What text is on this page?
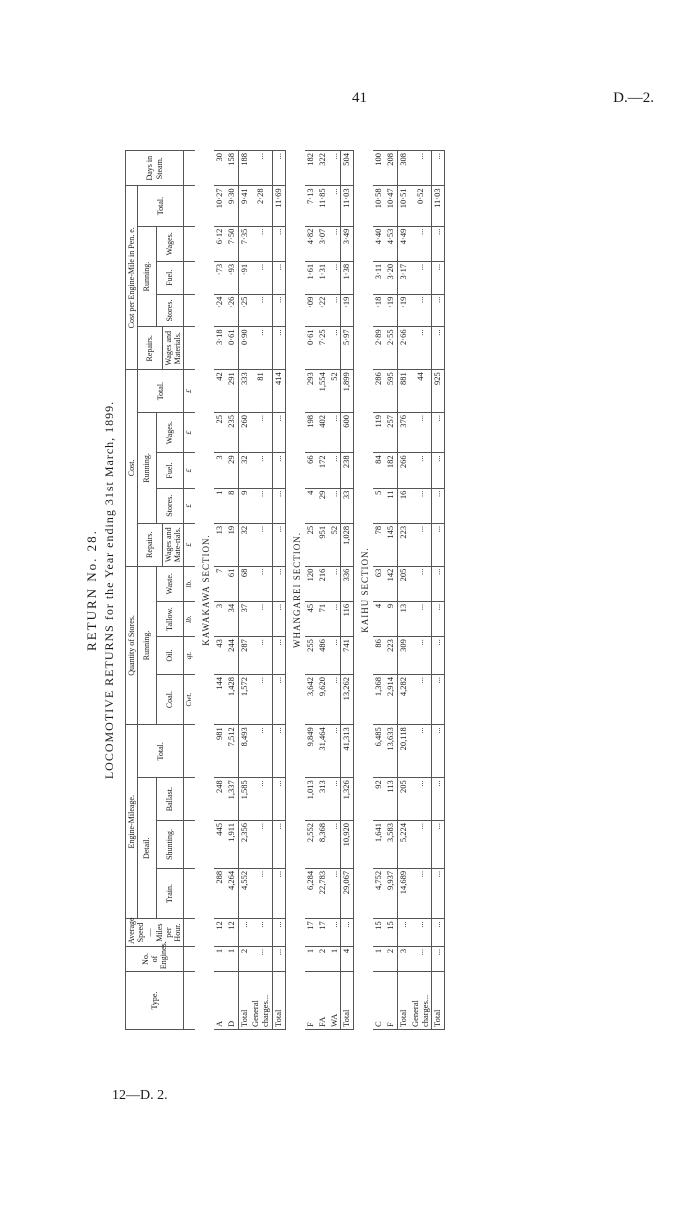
41	D.—2.
RETURN No. 28. LOCOMOTIVE RETURNS for the Year ending 31st March, 1899.
Type.	No. of Engines.	Average Speed — Miles per Hour.	Engine-Mileage.				Quantity of Stores.				Cost.					Cost per Engine-Mile in Pen. e.					Days in Steam.
			Detail.			Total.	Running.				Repairs.	Running.			Total.	Repairs.	Running.			Total.	
			Train.	Shunting.	Ballast.		Coal.	Oil.	Tallow.	Waste.		Stores.	Fuel.	Wages.			Stores.	Fuel.	Wages.		
											Wages and Mate-rials.					Wages and Materials.					
							Cwt.	qt.	lb.	lb.	£	£	£	£	£						
KAWAKAWA SECTION.																					
A	1	12	288	445	248	981	144	43	3	7	13	1	3	25	42	3·18	·24	·73	6·12	10·27	30
D	1	12	4,264	1,911	1,337	7,512	1,428	244	34	61	19	8	29	235	291	0·61	·26	·93	7·50	9·30	158
Total	2	...	4,552	2,356	1,585	8,493	1,572	287	37	68	32	9	32	260	333	0·90	·25	·91	7·35	9·41	188
General charges...	...	...	...	...	...	...	...	...	...	...	...	...	...	...	81	...	...	...	...	2·28	...
Total	...	...	...	...	...	...	...	...	...	...	...	...	...	...	414	...	...	...	...	11·69	...
WHANGAREI SECTION.																					
F	1	17	6,284	2,552	1,013	9,849	3,642	255	45	120	25	4	66	198	293	0·61	·09	1·61	4·82	7·13	182
FA	2	17	22,783	8,368	313	31,464	9,620	486	71	216	951	29	172	402	1,554	7·25	·22	1·31	3·07	11·85	322
WA	1	...	...	...	...	...	...	...	...	...	52	...	...	...	52	...	...	...	...	...	...
Total	4	...	29,067	10,920	1,326	41,313	13,262	741	116	336	1,028	33	238	600	1,899	5·97	·19	1·38	3·49	11·03	504
KAIHU SECTION.																					
C	1	15	4,752	1,641	92	6,485	1,368	86	4	63	78	5	84	119	286	2·89	·18	3·11	4·40	10·58	100
F	2	15	9,937	3,583	113	13,633	2,914	223	9	142	145	11	182	257	595	2·55	·19	3·20	4·53	10·47	208
Total	3	...	14,689	5,224	205	20,118	4,282	309	13	205	223	16	266	376	881	2·66	·19	3·17	4·49	10·51	308
General charges...	...	...	...	...	...	...	...	...	...	...	...	...	...	...	44	...	...	...	...	0·52	...
Total	...	...	...	...	...	...	...	...	...	...	...	...	...	...	925	...	...	...	...	11·03	...
12—D. 2.
